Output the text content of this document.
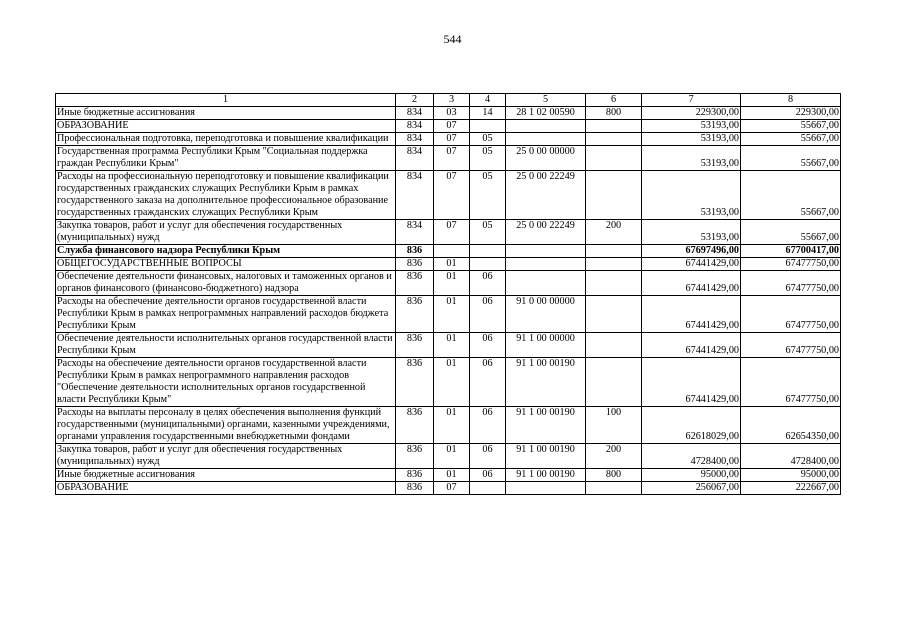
544
1	2	3	4	5	6	7	8
Иные бюджетные ассигнования	834	03	14	28 1 02 00590	800	229300,00	229300,00
ОБРАЗОВАНИЕ	834	07				53193,00	55667,00
Профессиональная подготовка, переподготовка и повышение квалификации	834	07	05			53193,00	55667,00
Государственная программа Республики Крым "Социальная поддержка граждан Республики Крым"	834	07	05	25 0 00 00000		53193,00	55667,00
Расходы на профессиональную переподготовку и повышение квалификации государственных гражданских служащих Республики Крым в рамках государственного заказа на дополнительное профессиональное образование государственных гражданских служащих Республики Крым	834	07	05	25 0 00 22249		53193,00	55667,00
Закупка товаров, работ и услуг для обеспечения государственных (муниципальных) нужд	834	07	05	25 0 00 22249	200	53193,00	55667,00
Служба финансового надзора Республики Крым	836					67697496,00	67700417,00
ОБЩЕГОСУДАРСТВЕННЫЕ ВОПРОСЫ	836	01				67441429,00	67477750,00
Обеспечение деятельности финансовых, налоговых и таможенных органов и органов финансового (финансово-бюджетного) надзора	836	01	06			67441429,00	67477750,00
Расходы на обеспечение деятельности органов государственной власти Республики Крым в рамках непрограммных направлений расходов бюджета Республики Крым	836	01	06	91 0 00 00000		67441429,00	67477750,00
Обеспечение деятельности исполнительных органов государственной власти Республики Крым	836	01	06	91 1 00 00000		67441429,00	67477750,00
Расходы на обеспечение деятельности органов государственной власти Республики Крым в рамках непрограммного направления расходов "Обеспечение деятельности исполнительных органов государственной власти Республики Крым"	836	01	06	91 1 00 00190		67441429,00	67477750,00
Расходы на выплаты персоналу в целях обеспечения выполнения функций государственными (муниципальными) органами, казенными учреждениями, органами управления государственными внебюджетными фондами	836	01	06	91 1 00 00190	100	62618029,00	62654350,00
Закупка товаров, работ и услуг для обеспечения государственных (муниципальных) нужд	836	01	06	91 1 00 00190	200	4728400,00	4728400,00
Иные бюджетные ассигнования	836	01	06	91 1 00 00190	800	95000,00	95000,00
ОБРАЗОВАНИЕ	836	07				256067,00	222667,00
